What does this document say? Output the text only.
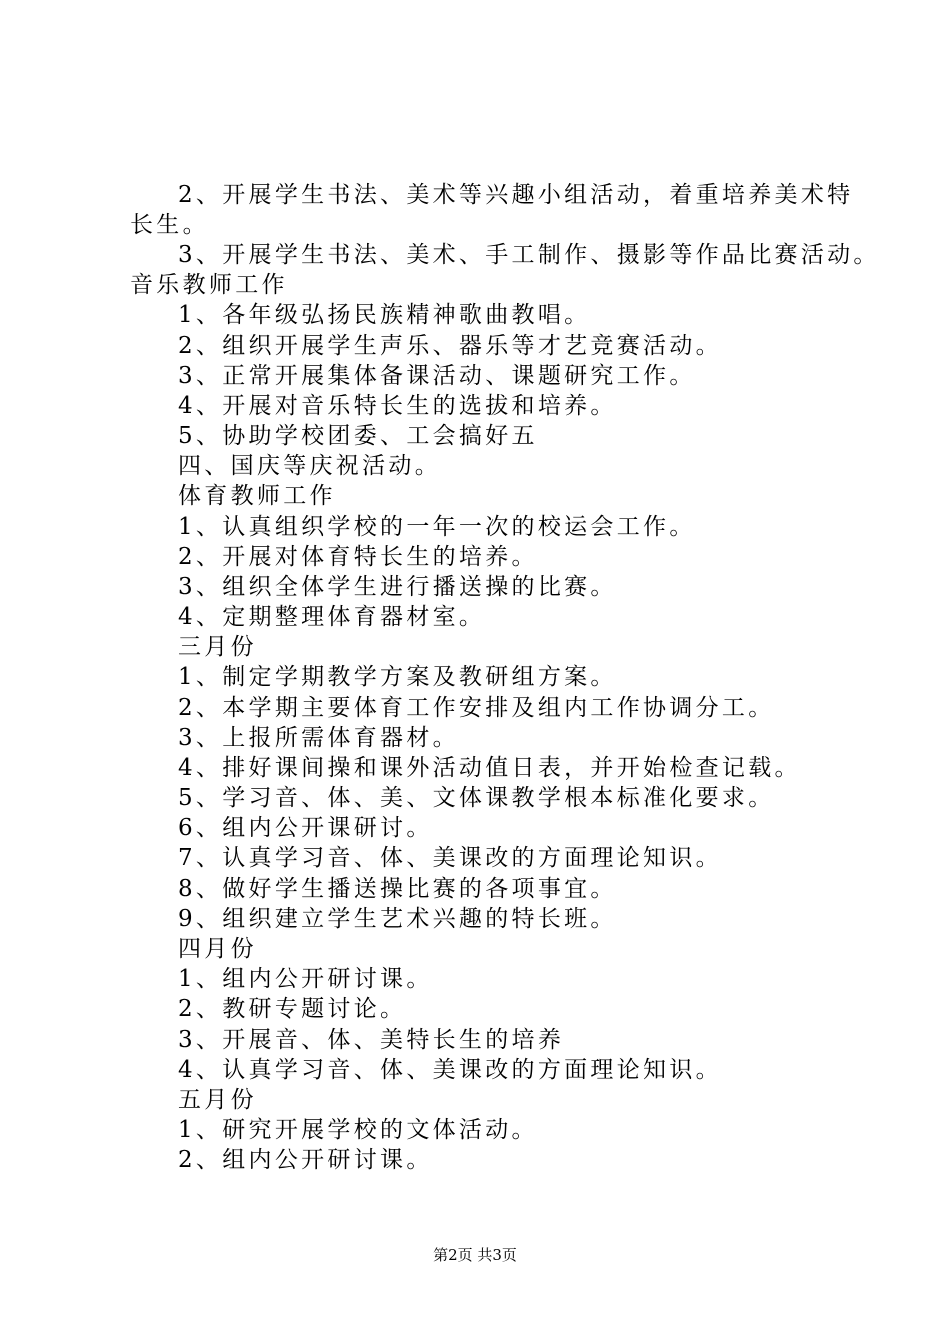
2、开展学生书法、美术等兴趣小组活动，着重培养美术特
长生。
3、开展学生书法、美术、手工制作、摄影等作品比赛活动。
音乐教师工作
1、各年级弘扬民族精神歌曲教唱。
2、组织开展学生声乐、器乐等才艺竞赛活动。
3、正常开展集体备课活动、课题研究工作。
4、开展对音乐特长生的选拔和培养。
5、协助学校团委、工会搞好五
四、国庆等庆祝活动。
体育教师工作
1、认真组织学校的一年一次的校运会工作。
2、开展对体育特长生的培养。
3、组织全体学生进行播送操的比赛。
4、定期整理体育器材室。
三月份
1、制定学期教学方案及教研组方案。
2、本学期主要体育工作安排及组内工作协调分工。
3、上报所需体育器材。
4、排好课间操和课外活动值日表，并开始检查记载。
5、学习音、体、美、文体课教学根本标准化要求。
6、组内公开课研讨。
7、认真学习音、体、美课改的方面理论知识。
8、做好学生播送操比赛的各项事宜。
9、组织建立学生艺术兴趣的特长班。
四月份
1、组内公开研讨课。
2、教研专题讨论。
3、开展音、体、美特长生的培养
4、认真学习音、体、美课改的方面理论知识。
五月份
1、研究开展学校的文体活动。
2、组内公开研讨课。
第2页 共3页
